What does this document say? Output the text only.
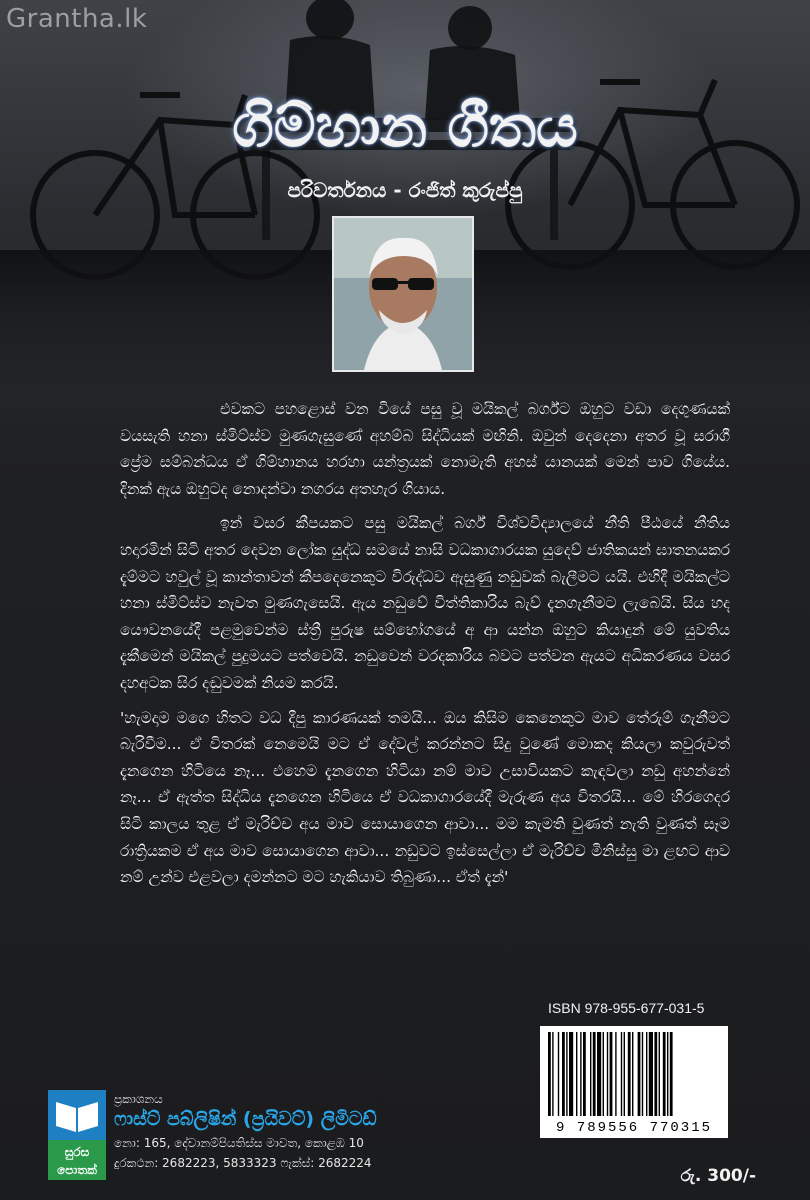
Grantha.lk
ගිම්හාන ගීතය
පරිවර්තනය - රංජිත් කුරුප්පු

එවකට පහළොස් වන වියේ පසු වූ මයිකල් බර්ග්ට ඔහුට වඩා දෙගුණයක් වයසැති හනා ස්මිට්ස්ව මුණගැසුණේ අහම්බ සිද්ධියක් මඟිනි. ඔවුන් දෙදෙනා අතර වූ සරාගී ප්‍රේම සම්බන්ධය ඒ ගිම්හානය හරහා යන්ත්‍රයක් නොමැති අහස් යානයක් මෙන් පාව ගියේය. දිනක් ඇය ඔහුටද නොදන්වා නගරය අතහැර ගියාය.

ඉන් වසර කීපයකට පසු මයිකල් බර්ග් විශ්වවිද්‍යාලයේ නීති පීඨයේ නීතිය හදාරමින් සිටි අතර දෙවන ලෝක යුද්ධ සමයේ නාසි වධකාගාරයක යුදෙව් ජාතිකයන් ඝාතනයකර දැම්මට හවුල් වූ කාන්තාවන් කීපදෙනෙකුට විරුද්ධව ඇසුණු නඩුවක් බැලීමට යයි. එහිදී මයිකල්ට හනා ස්මිට්ස්ව නැවත මුණගැසෙයි. ඇය නඩුවේ විත්තිකාරිය බැව් දැනගැනීමට ලැබෙයි. සිය හද යෞවනයේදී පළමුවෙන්ම ස්ත්‍රී පුරුෂ සම්භෝගයේ අ ආ යන්න ඔහුට කියාදුන් මේ යුවතිය දැකීමෙන් මයිකල් පුදුමයට පත්වෙයි. නඩුවෙන් වරදකාරිය බවට පත්වන ඇයට අධිකරණය වසර දහඅටක සිර දඬුවමක් නියම කරයි.

'හැමදාම මගෙ හිතට වධ දීපු කාරණයක් තමයි... ඔය කිසිම කෙනෙකුට මාව තේරුම් ගැනීමට බැරිවීම... ඒ විතරක් නෙමෙයි මට ඒ දේවල් කරන්නට සිදු වුණේ මොකද කියලා කවුරුවත් දැනගෙන හිටියෙ නෑ... එහෙම දැනගෙන හිටියා නම් මාව උසාවියකට කැඳවලා නඩු අහන්නේ නෑ... ඒ ඇත්ත සිද්ධිය දැනගෙන හිටියෙ ඒ වධකාගාරයේදී මැරුණ අය විතරයි... මේ හිරගෙදර සිටි කාලය තුළ ඒ මැරිච්ච අය මාව සොයාගෙන ආවා... මම කැමති වුණත් නැති වුණත් සෑම රාත්‍රියකම ඒ අය මාව සොයාගෙන ආවා... නඩුවට ඉස්සෙල්ලා ඒ මැරිච්ච මිනිස්සු මා ළඟට ආව නම් උන්ව එළවලා දමන්නට මට හැකියාව තිබුණා... ඒත් දැන්'

ISBN 978-955-677-031-5
9 789556 770315
සුරස
පොතක්
ප්‍රකාශනය
ෆාස්ට් පබ්ලිෂින් (ප්‍රයිවට්) ලිමිටඩ්
නො: 165, දේවානම්පියතිස්ස මාවත, කොළඹ 10
දුරකථන: 2682223, 5833323 ෆැක්ස්: 2682224
රු. 300/-
